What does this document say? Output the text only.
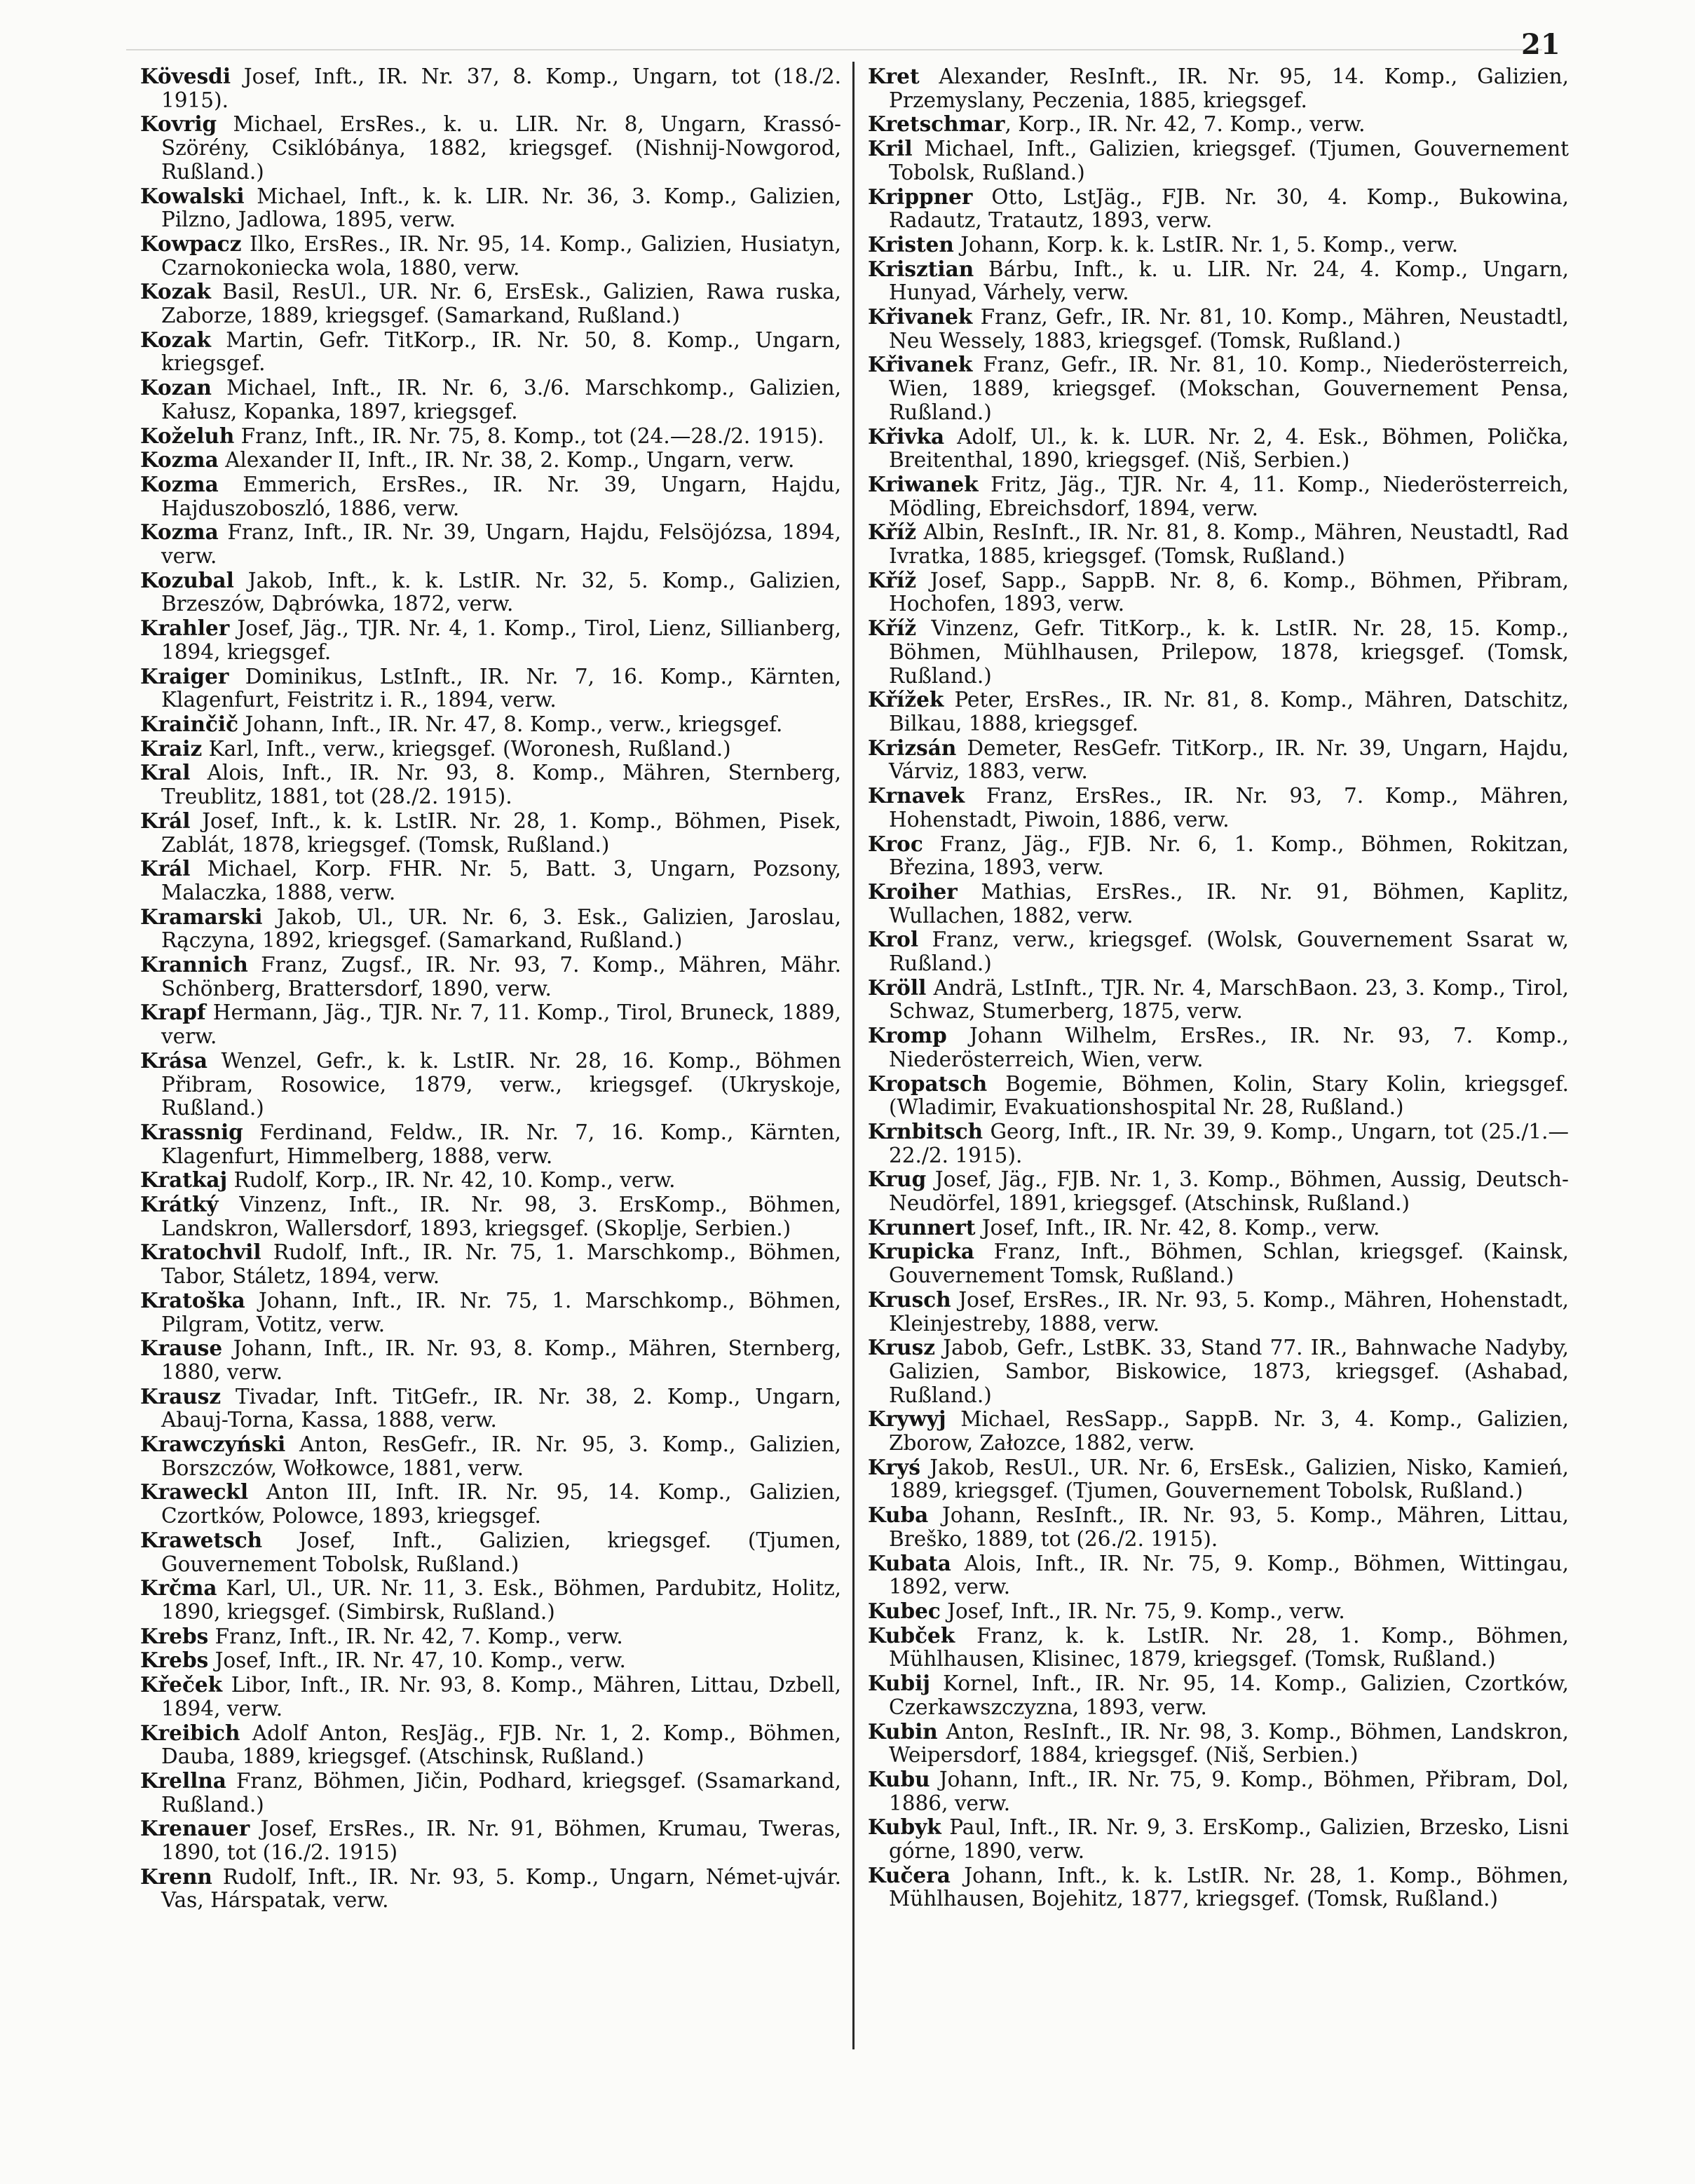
21

Kövesdi Josef, Inft., IR. Nr. 37, 8. Komp., Ungarn, tot (18./2. 1915).

Kovrig Michael, ErsRes., k. u. LIR. Nr. 8, Ungarn, Krassó-Szörény, Csiklóbánya, 1882, kriegsgef. (Nishnij-Nowgorod, Rußland.)

Kowalski Michael, Inft., k. k. LIR. Nr. 36, 3. Komp., Galizien, Pilzno, Jadlowa, 1895, verw.

Kowpacz Ilko, ErsRes., IR. Nr. 95, 14. Komp., Galizien, Husiatyn, Czarnokoniecka wola, 1880, verw.

Kozak Basil, ResUl., UR. Nr. 6, ErsEsk., Galizien, Rawa ruska, Zaborze, 1889, kriegsgef. (Samarkand, Rußland.)

Kozak Martin, Gefr. TitKorp., IR. Nr. 50, 8. Komp., Ungarn, kriegsgef.

Kozan Michael, Inft., IR. Nr. 6, 3./6. Marschkomp., Galizien, Kałusz, Kopanka, 1897, kriegsgef.

Koželuh Franz, Inft., IR. Nr. 75, 8. Komp., tot (24.—28./2. 1915).

Kozma Alexander II, Inft., IR. Nr. 38, 2. Komp., Ungarn, verw.

Kozma Emmerich, ErsRes., IR. Nr. 39, Ungarn, Hajdu, Hajduszoboszló, 1886, verw.

Kozma Franz, Inft., IR. Nr. 39, Ungarn, Hajdu, Felsöjózsa, 1894, verw.

Kozubal Jakob, Inft., k. k. LstIR. Nr. 32, 5. Komp., Galizien, Brzeszów, Dąbrówka, 1872, verw.

Krahler Josef, Jäg., TJR. Nr. 4, 1. Komp., Tirol, Lienz, Sillianberg, 1894, kriegsgef.

Kraiger Dominikus, LstInft., IR. Nr. 7, 16. Komp., Kärnten, Klagenfurt, Feistritz i. R., 1894, verw.

Krainčič Johann, Inft., IR. Nr. 47, 8. Komp., verw., kriegsgef.

Kraiz Karl, Inft., verw., kriegsgef. (Woronesh, Rußland.)

Kral Alois, Inft., IR. Nr. 93, 8. Komp., Mähren, Sternberg, Treublitz, 1881, tot (28./2. 1915).

Král Josef, Inft., k. k. LstIR. Nr. 28, 1. Komp., Böhmen, Pisek, Zablát, 1878, kriegsgef. (Tomsk, Rußland.)

Král Michael, Korp. FHR. Nr. 5, Batt. 3, Ungarn, Pozsony, Malaczka, 1888, verw.

Kramarski Jakob, Ul., UR. Nr. 6, 3. Esk., Galizien, Jaroslau, Rączyna, 1892, kriegsgef. (Samarkand, Rußland.)

Krannich Franz, Zugsf., IR. Nr. 93, 7. Komp., Mähren, Mähr. Schönberg, Brattersdorf, 1890, verw.

Krapf Hermann, Jäg., TJR. Nr. 7, 11. Komp., Tirol, Bruneck, 1889, verw.

Krása Wenzel, Gefr., k. k. LstIR. Nr. 28, 16. Komp., Böhmen Přibram, Rosowice, 1879, verw., kriegsgef. (Ukryskoje, Rußland.)

Krassnig Ferdinand, Feldw., IR. Nr. 7, 16. Komp., Kärnten, Klagenfurt, Himmelberg, 1888, verw.

Kratkaj Rudolf, Korp., IR. Nr. 42, 10. Komp., verw.

Krátký Vinzenz, Inft., IR. Nr. 98, 3. ErsKomp., Böhmen, Landskron, Wallersdorf, 1893, kriegsgef. (Skoplje, Serbien.)

Kratochvil Rudolf, Inft., IR. Nr. 75, 1. Marschkomp., Böhmen, Tabor, Stáletz, 1894, verw.

Kratoška Johann, Inft., IR. Nr. 75, 1. Marschkomp., Böhmen, Pilgram, Votitz, verw.

Krause Johann, Inft., IR. Nr. 93, 8. Komp., Mähren, Sternberg, 1880, verw.

Krausz Tivadar, Inft. TitGefr., IR. Nr. 38, 2. Komp., Ungarn, Abauj-Torna, Kassa, 1888, verw.

Krawczyński Anton, ResGefr., IR. Nr. 95, 3. Komp., Galizien, Borszczów, Wołkowce, 1881, verw.

Kraweckl Anton III, Inft. IR. Nr. 95, 14. Komp., Galizien, Czortków, Polowce, 1893, kriegsgef.

Krawetsch Josef, Inft., Galizien, kriegsgef. (Tjumen, Gouvernement Tobolsk, Rußland.)

Krčma Karl, Ul., UR. Nr. 11, 3. Esk., Böhmen, Pardubitz, Holitz, 1890, kriegsgef. (Simbirsk, Rußland.)

Krebs Franz, Inft., IR. Nr. 42, 7. Komp., verw.

Krebs Josef, Inft., IR. Nr. 47, 10. Komp., verw.

Křeček Libor, Inft., IR. Nr. 93, 8. Komp., Mähren, Littau, Dzbell, 1894, verw.

Kreibich Adolf Anton, ResJäg., FJB. Nr. 1, 2. Komp., Böhmen, Dauba, 1889, kriegsgef. (Atschinsk, Rußland.)

Krellna Franz, Böhmen, Jičin, Podhard, kriegsgef. (Ssamarkand, Rußland.)

Krenauer Josef, ErsRes., IR. Nr. 91, Böhmen, Krumau, Tweras, 1890, tot (16./2. 1915)

Krenn Rudolf, Inft., IR. Nr. 93, 5. Komp., Ungarn, Német-ujvár. Vas, Hárspatak, verw.

Kret Alexander, ResInft., IR. Nr. 95, 14. Komp., Galizien, Przemyslany, Peczenia, 1885, kriegsgef.

Kretschmar, Korp., IR. Nr. 42, 7. Komp., verw.

Kril Michael, Inft., Galizien, kriegsgef. (Tjumen, Gouvernement Tobolsk, Rußland.)

Krippner Otto, LstJäg., FJB. Nr. 30, 4. Komp., Bukowina, Radautz, Tratautz, 1893, verw.

Kristen Johann, Korp. k. k. LstIR. Nr. 1, 5. Komp., verw.

Krisztian Bárbu, Inft., k. u. LIR. Nr. 24, 4. Komp., Ungarn, Hunyad, Várhely, verw.

Křivanek Franz, Gefr., IR. Nr. 81, 10. Komp., Mähren, Neustadtl, Neu Wessely, 1883, kriegsgef. (Tomsk, Rußland.)

Křivanek Franz, Gefr., IR. Nr. 81, 10. Komp., Niederösterreich, Wien, 1889, kriegsgef. (Mokschan, Gouvernement Pensa, Rußland.)

Křivka Adolf, Ul., k. k. LUR. Nr. 2, 4. Esk., Böhmen, Polička, Breitenthal, 1890, kriegsgef. (Niš, Serbien.)

Kriwanek Fritz, Jäg., TJR. Nr. 4, 11. Komp., Niederösterreich, Mödling, Ebreichsdorf, 1894, verw.

Kříž Albin, ResInft., IR. Nr. 81, 8. Komp., Mähren, Neustadtl, Rad Ivratka, 1885, kriegsgef. (Tomsk, Rußland.)

Kříž Josef, Sapp., SappB. Nr. 8, 6. Komp., Böhmen, Přibram, Hochofen, 1893, verw.

Kříž Vinzenz, Gefr. TitKorp., k. k. LstIR. Nr. 28, 15. Komp., Böhmen, Mühlhausen, Prilepow, 1878, kriegsgef. (Tomsk, Rußland.)

Křížek Peter, ErsRes., IR. Nr. 81, 8. Komp., Mähren, Datschitz, Bilkau, 1888, kriegsgef.

Krizsán Demeter, ResGefr. TitKorp., IR. Nr. 39, Ungarn, Hajdu, Várviz, 1883, verw.

Krnavek Franz, ErsRes., IR. Nr. 93, 7. Komp., Mähren, Hohenstadt, Piwoin, 1886, verw.

Kroc Franz, Jäg., FJB. Nr. 6, 1. Komp., Böhmen, Rokitzan, Březina, 1893, verw.

Kroiher Mathias, ErsRes., IR. Nr. 91, Böhmen, Kaplitz, Wullachen, 1882, verw.

Krol Franz, verw., kriegsgef. (Wolsk, Gouvernement Ssarat w, Rußland.)

Kröll Andrä, LstInft., TJR. Nr. 4, MarschBaon. 23, 3. Komp., Tirol, Schwaz, Stumerberg, 1875, verw.

Kromp Johann Wilhelm, ErsRes., IR. Nr. 93, 7. Komp., Niederösterreich, Wien, verw.

Kropatsch Bogemie, Böhmen, Kolin, Stary Kolin, kriegsgef. (Wladimir, Evakuationshospital Nr. 28, Rußland.)

Krnbitsch Georg, Inft., IR. Nr. 39, 9. Komp., Ungarn, tot (25./1.—22./2. 1915).

Krug Josef, Jäg., FJB. Nr. 1, 3. Komp., Böhmen, Aussig, Deutsch-Neudörfel, 1891, kriegsgef. (Atschinsk, Rußland.)

Krunnert Josef, Inft., IR. Nr. 42, 8. Komp., verw.

Krupicka Franz, Inft., Böhmen, Schlan, kriegsgef. (Kainsk, Gouvernement Tomsk, Rußland.)

Krusch Josef, ErsRes., IR. Nr. 93, 5. Komp., Mähren, Hohenstadt, Kleinjestreby, 1888, verw.

Krusz Jabob, Gefr., LstBK. 33, Stand 77. IR., Bahnwache Nadyby, Galizien, Sambor, Biskowice, 1873, kriegsgef. (Ashabad, Rußland.)

Krywyj Michael, ResSapp., SappB. Nr. 3, 4. Komp., Galizien, Zborow, Załozce, 1882, verw.

Kryś Jakob, ResUl., UR. Nr. 6, ErsEsk., Galizien, Nisko, Kamień, 1889, kriegsgef. (Tjumen, Gouvernement Tobolsk, Rußland.)

Kuba Johann, ResInft., IR. Nr. 93, 5. Komp., Mähren, Littau, Breško, 1889, tot (26./2. 1915).

Kubata Alois, Inft., IR. Nr. 75, 9. Komp., Böhmen, Wittingau, 1892, verw.

Kubec Josef, Inft., IR. Nr. 75, 9. Komp., verw.

Kubček Franz, k. k. LstIR. Nr. 28, 1. Komp., Böhmen, Mühlhausen, Klisinec, 1879, kriegsgef. (Tomsk, Rußland.)

Kubij Kornel, Inft., IR. Nr. 95, 14. Komp., Galizien, Czortków, Czerkawszczyzna, 1893, verw.

Kubin Anton, ResInft., IR. Nr. 98, 3. Komp., Böhmen, Landskron, Weipersdorf, 1884, kriegsgef. (Niš, Serbien.)

Kubu Johann, Inft., IR. Nr. 75, 9. Komp., Böhmen, Přibram, Dol, 1886, verw.

Kubyk Paul, Inft., IR. Nr. 9, 3. ErsKomp., Galizien, Brzesko, Lisni górne, 1890, verw.

Kučera Johann, Inft., k. k. LstIR. Nr. 28, 1. Komp., Böhmen, Mühlhausen, Bojehitz, 1877, kriegsgef. (Tomsk, Rußland.)
